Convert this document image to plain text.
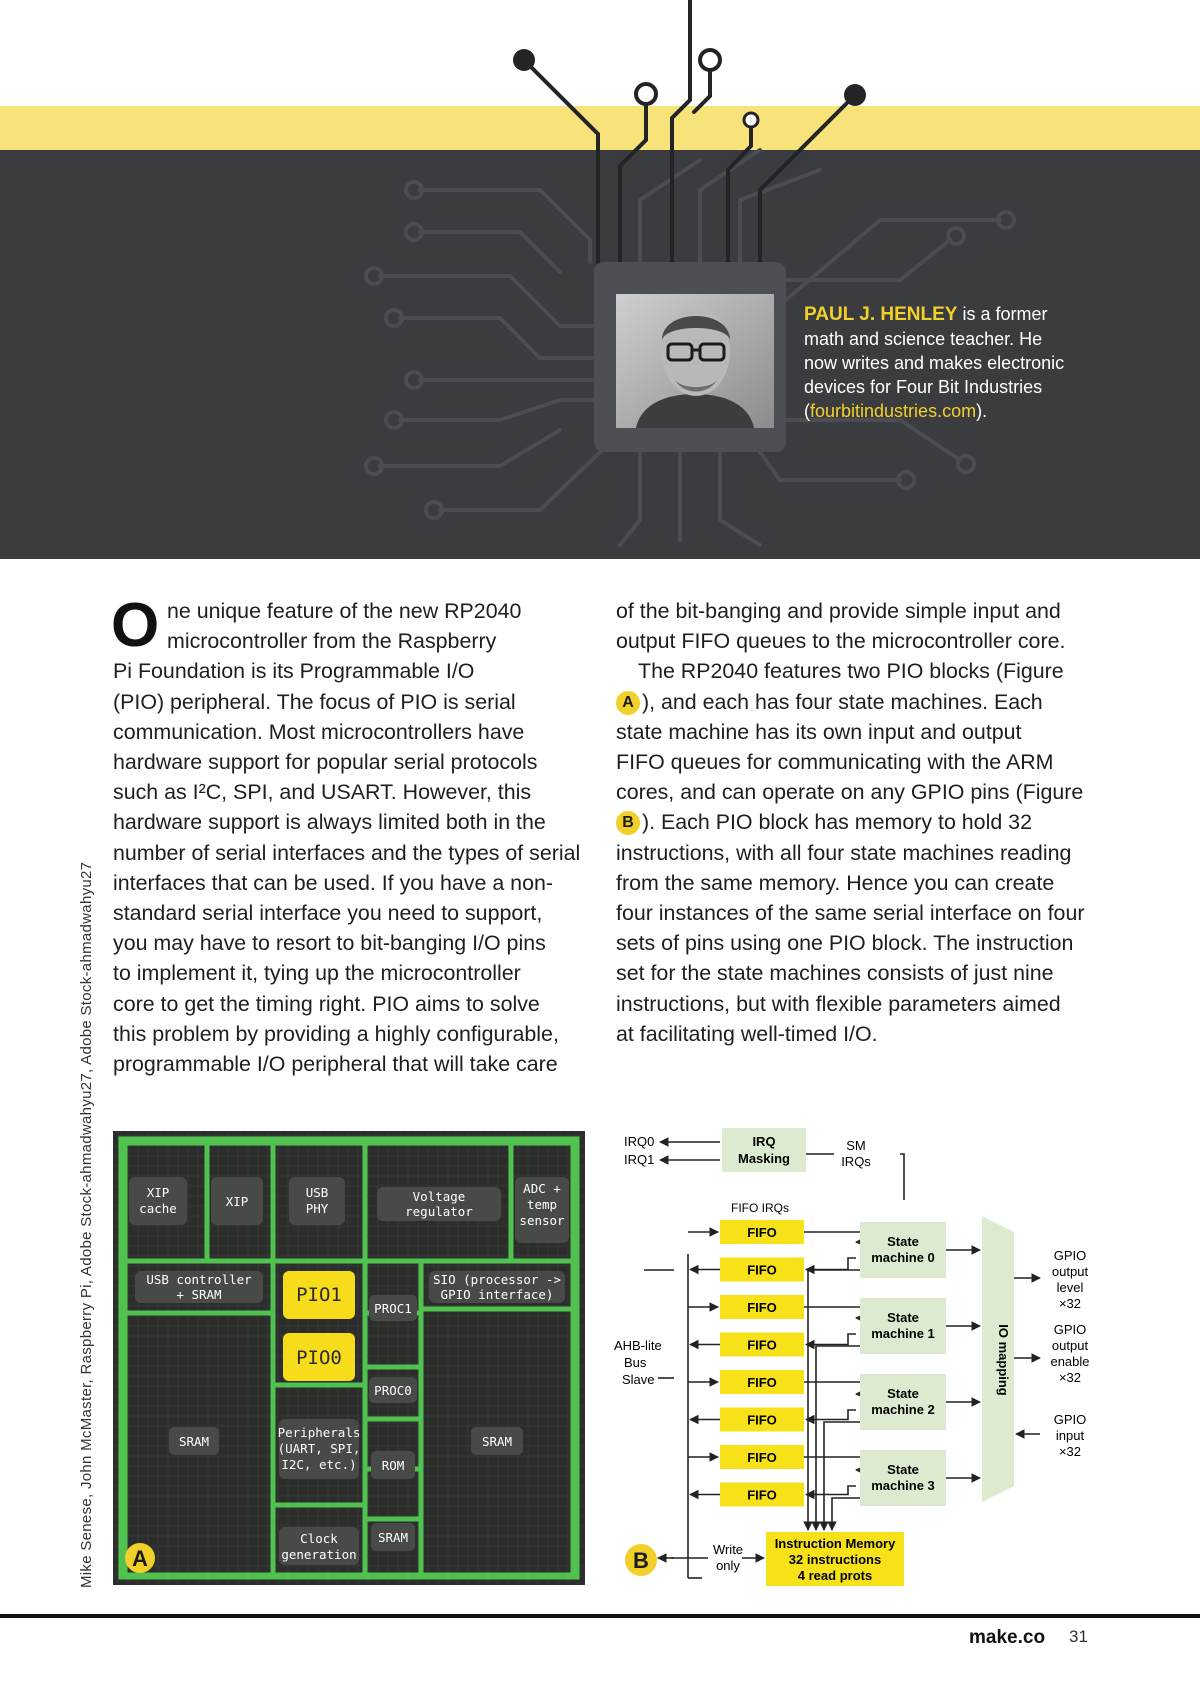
PAUL J. HENLEY is a former
math and science teacher. He
now writes and makes electronic
devices for Four Bit Industries
(fourbitindustries.com).
Mike Senese, John McMaster, Raspberry Pi, Adobe Stock-ahmadwahyu27, Adobe Stock-ahmadwahyu27
O ne unique feature of the new RP2040
microcontroller from the Raspberry
Pi Foundation is its Programmable I/O
(PIO) peripheral. The focus of PIO is serial
communication. Most microcontrollers have
hardware support for popular serial protocols
such as I²C, SPI, and USART. However, this
hardware support is always limited both in the
number of serial interfaces and the types of serial
interfaces that can be used. If you have a non-
standard serial interface you need to support,
you may have to resort to bit-banging I/O pins
to implement it, tying up the microcontroller
core to get the timing right. PIO aims to solve
this problem by providing a highly configurable,
programmable I/O peripheral that will take care
of the bit-banging and provide simple input and
output FIFO queues to the microcontroller core.
The RP2040 features two PIO blocks (Figure
A ), and each has four state machines. Each
state machine has its own input and output
FIFO queues for communicating with the ARM
cores, and can operate on any GPIO pins (Figure
B ). Each PIO block has memory to hold 32
instructions, with all four state machines reading
from the same memory. Hence you can create
four instances of the same serial interface on four
sets of pins using one PIO block. The instruction
set for the state machines consists of just nine
instructions, but with flexible parameters aimed
at facilitating well-timed I/O.
XIP
cache	XIP
USB
PHY
Voltage
regulator
ADC +
temp
sensor
USB controller
+ SRAM	PIO1
PIO0
PROC1
PROC0
SIO (processor ->
GPIO interface)
SRAM
Peripherals
(UART, SPI,
I2C, etc.) ROM
SRAM
SRAM
Clock
generation
A
IRQ
Masking
IRQ0
IRQ1
SM
IRQs
FIFO IRQs
AHB-lite
Bus
Slave
FIFO
FIFO
FIFO
FIFO
FIFO
FIFO
FIFO
FIFO
State
machine 0
State
machine 1
State
machine 2
State
machine 3
IO mapping
GPIO
output
level
×32
GPIO
output
enable
×32
GPIO
input
×32
Instruction Memory
32 instructions
4 read prots
Write
only
B
make.co 31
